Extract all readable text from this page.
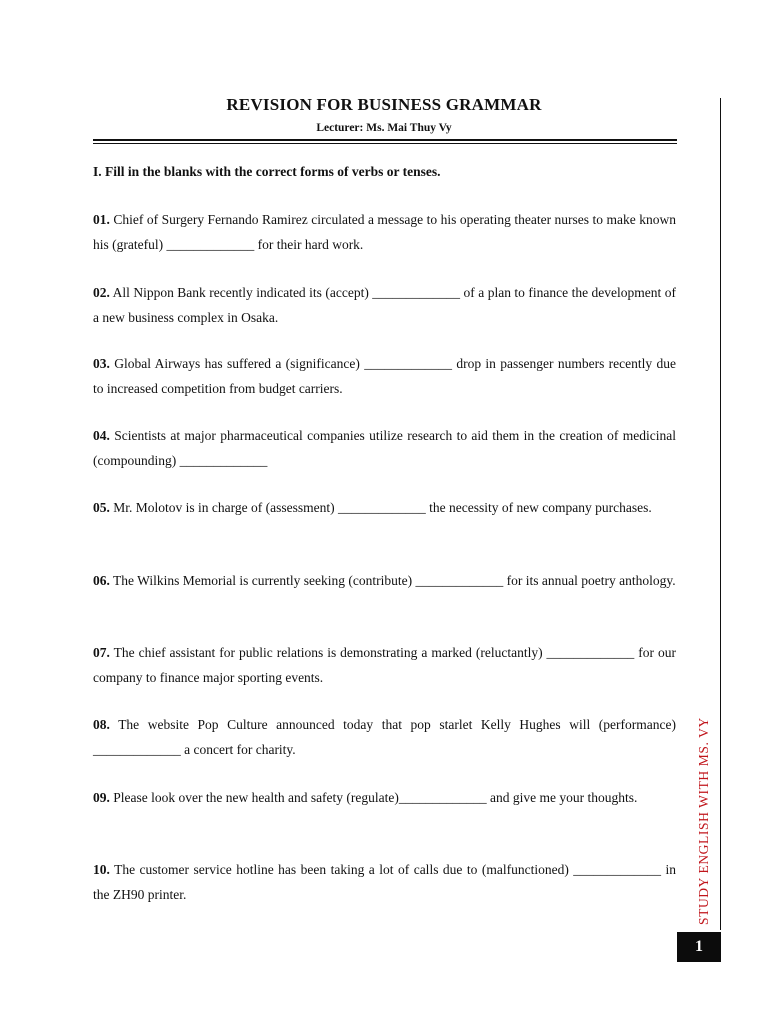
REVISION FOR BUSINESS GRAMMAR
Lecturer: Ms. Mai Thuy Vy
I. Fill in the blanks with the correct forms of verbs or tenses.
01. Chief of Surgery Fernando Ramirez circulated a message to his operating theater nurses to make known his (grateful) _____________ for their hard work.
02. All Nippon Bank recently indicated its (accept) _____________ of a plan to finance the development of a new business complex in Osaka.
03. Global Airways has suffered a (significance) _____________ drop in passenger numbers recently due to increased competition from budget carriers.
04. Scientists at major pharmaceutical companies utilize research to aid them in the creation of medicinal (compounding) _____________
05. Mr. Molotov is in charge of (assessment) _____________ the necessity of new company purchases.
06. The Wilkins Memorial is currently seeking (contribute) _____________ for its annual poetry anthology.
07. The chief assistant for public relations is demonstrating a marked (reluctantly) _____________ for our company to finance major sporting events.
08. The website Pop Culture announced today that pop starlet Kelly Hughes will (performance) _____________ a concert for charity.
09. Please look over the new health and safety (regulate)_____________ and give me your thoughts.
10. The customer service hotline has been taking a lot of calls due to (malfunctioned) _____________ in the ZH90 printer.	STUDY ENGLISH WITH MS. VY
1
